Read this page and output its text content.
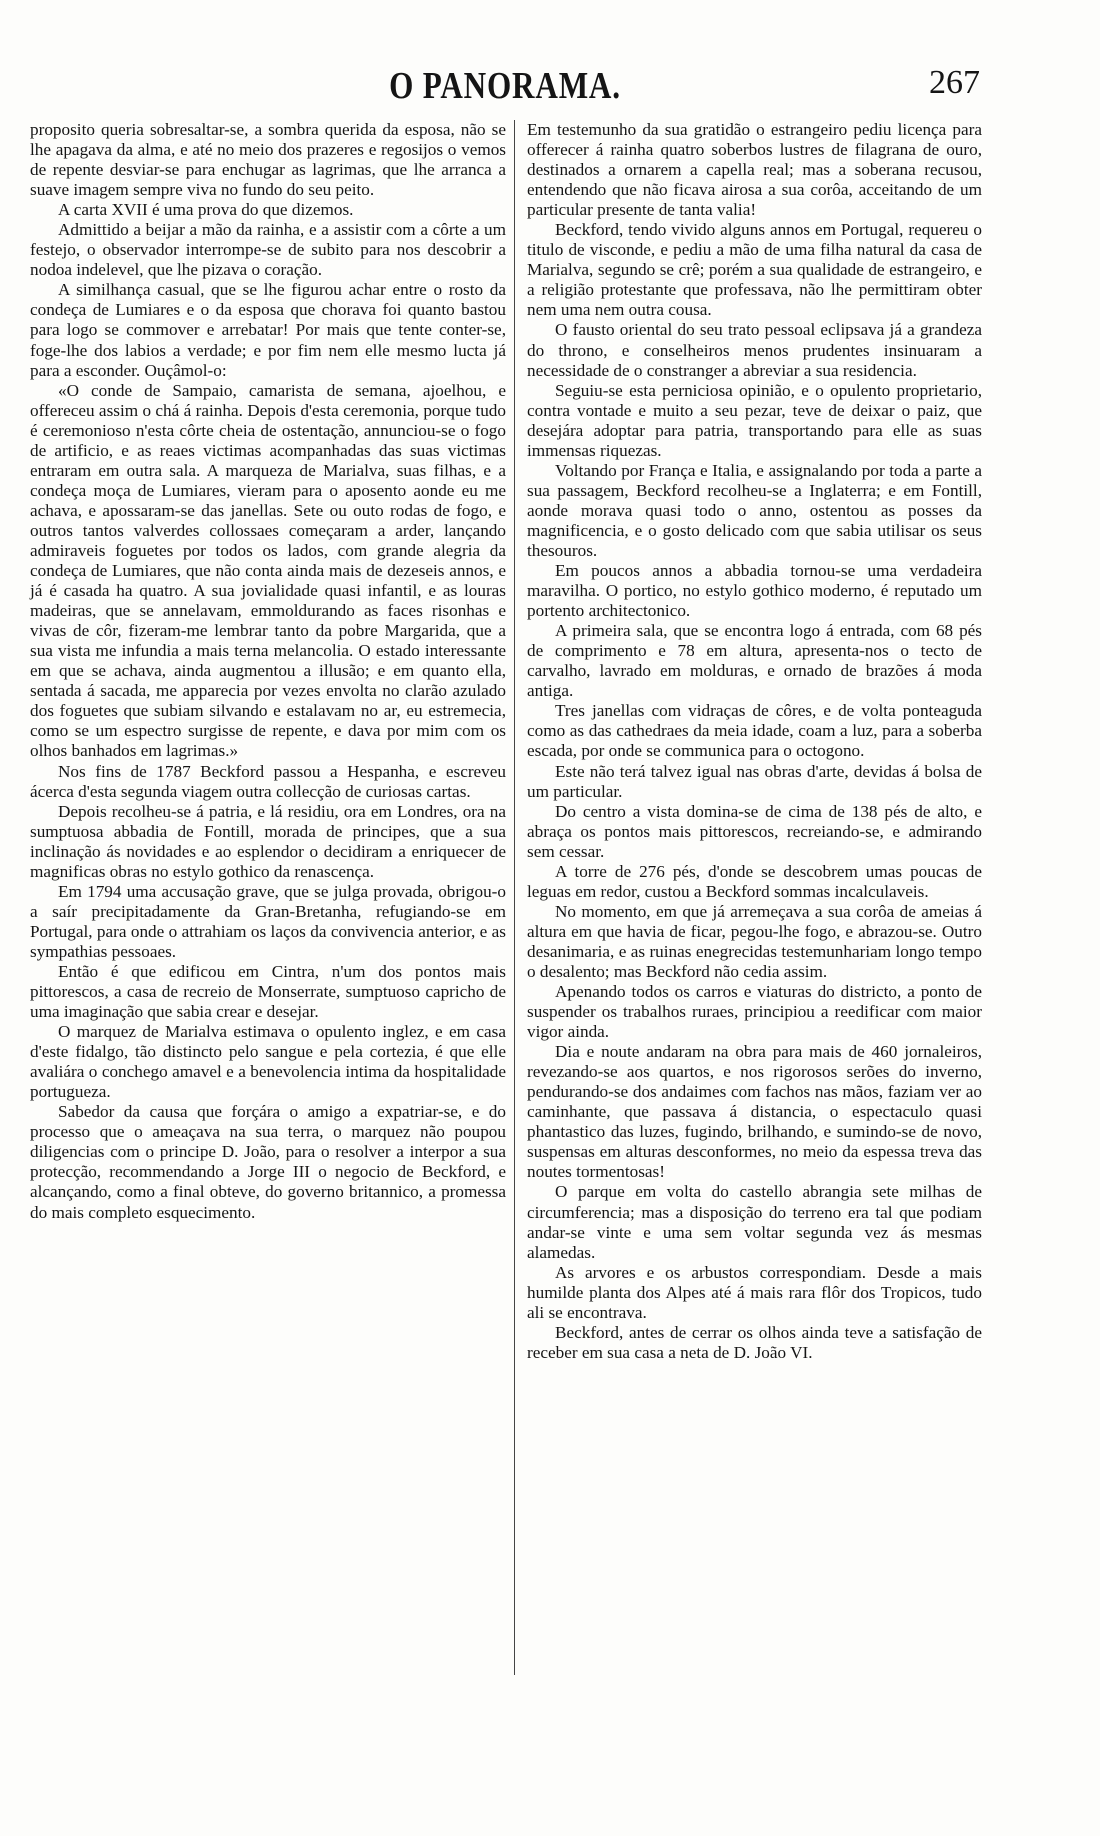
O PANORAMA.	267

proposito queria sobresaltar-se, a sombra querida da esposa, não se lhe apagava da alma, e até no meio dos prazeres e regosijos o vemos de repente desviar-se para enchugar as lagrimas, que lhe arranca a suave imagem sempre viva no fundo do seu peito.

A carta XVII é uma prova do que dizemos.

Admittido a beijar a mão da rainha, e a assistir com a côrte a um festejo, o observador interrompe-se de subito para nos descobrir a nodoa indelevel, que lhe pizava o coração.

A similhança casual, que se lhe figurou achar entre o rosto da condeça de Lumiares e o da esposa que chorava foi quanto bastou para logo se commover e arrebatar! Por mais que tente conter-se, foge-lhe dos labios a verdade; e por fim nem elle mesmo lucta já para a esconder. Ouçâmol-o:

«O conde de Sampaio, camarista de semana, ajoelhou, e offereceu assim o chá á rainha. Depois d'esta ceremonia, porque tudo é ceremonioso n'esta côrte cheia de ostentação, annunciou-se o fogo de artificio, e as reaes victimas acompanhadas das suas victimas entraram em outra sala. A marqueza de Marialva, suas filhas, e a condeça moça de Lumiares, vieram para o aposento aonde eu me achava, e apossaram-se das janellas. Sete ou outo rodas de fogo, e outros tantos valverdes collossaes começaram a arder, lançando admiraveis foguetes por todos os lados, com grande alegria da condeça de Lumiares, que não conta ainda mais de dezeseis annos, e já é casada ha quatro. A sua jovialidade quasi infantil, e as louras madeiras, que se annelavam, emmoldurando as faces risonhas e vivas de côr, fizeram-me lembrar tanto da pobre Margarida, que a sua vista me infundia a mais terna melancolia. O estado interessante em que se achava, ainda augmentou a illusão; e em quanto ella, sentada á sacada, me apparecia por vezes envolta no clarão azulado dos foguetes que subiam silvando e estalavam no ar, eu estremecia, como se um espectro surgisse de repente, e dava por mim com os olhos banhados em lagrimas.»

Nos fins de 1787 Beckford passou a Hespanha, e escreveu ácerca d'esta segunda viagem outra collecção de curiosas cartas.

Depois recolheu-se á patria, e lá residiu, ora em Londres, ora na sumptuosa abbadia de Fontill, morada de principes, que a sua inclinação ás novidades e ao esplendor o decidiram a enriquecer de magnificas obras no estylo gothico da renascença.

Em 1794 uma accusação grave, que se julga provada, obrigou-o a saír precipitadamente da Gran-Bretanha, refugiando-se em Portugal, para onde o attrahiam os laços da convivencia anterior, e as sympathias pessoaes.

Então é que edificou em Cintra, n'um dos pontos mais pittorescos, a casa de recreio de Monserrate, sumptuoso capricho de uma imaginação que sabia crear e desejar.

O marquez de Marialva estimava o opulento inglez, e em casa d'este fidalgo, tão distincto pelo sangue e pela cortezia, é que elle avaliára o conchego amavel e a benevolencia intima da hospitalidade portugueza.

Sabedor da causa que forçára o amigo a expatriar-se, e do processo que o ameaçava na sua terra, o marquez não poupou diligencias com o principe D. João, para o resolver a interpor a sua protecção, recommendando a Jorge III o negocio de Beckford, e alcançando, como a final obteve, do governo britannico, a promessa do mais completo esquecimento.

Em testemunho da sua gratidão o estrangeiro pediu licença para offerecer á rainha quatro soberbos lustres de filagrana de ouro, destinados a ornarem a capella real; mas a soberana recusou, entendendo que não ficava airosa a sua corôa, acceitando de um particular presente de tanta valia!

Beckford, tendo vivido alguns annos em Portugal, requereu o titulo de visconde, e pediu a mão de uma filha natural da casa de Marialva, segundo se crê; porém a sua qualidade de estrangeiro, e a religião protestante que professava, não lhe permittiram obter nem uma nem outra cousa.

O fausto oriental do seu trato pessoal eclipsava já a grandeza do throno, e conselheiros menos prudentes insinuaram a necessidade de o constranger a abreviar a sua residencia.

Seguiu-se esta perniciosa opinião, e o opulento proprietario, contra vontade e muito a seu pezar, teve de deixar o paiz, que desejára adoptar para patria, transportando para elle as suas immensas riquezas.

Voltando por França e Italia, e assignalando por toda a parte a sua passagem, Beckford recolheu-se a Inglaterra; e em Fontill, aonde morava quasi todo o anno, ostentou as posses da magnificencia, e o gosto delicado com que sabia utilisar os seus thesouros.

Em poucos annos a abbadia tornou-se uma verdadeira maravilha. O portico, no estylo gothico moderno, é reputado um portento architectonico.

A primeira sala, que se encontra logo á entrada, com 68 pés de comprimento e 78 em altura, apresenta-nos o tecto de carvalho, lavrado em molduras, e ornado de brazões á moda antiga.

Tres janellas com vidraças de côres, e de volta ponteaguda como as das cathedraes da meia idade, coam a luz, para a soberba escada, por onde se communica para o octogono.

Este não terá talvez igual nas obras d'arte, devidas á bolsa de um particular.

Do centro a vista domina-se de cima de 138 pés de alto, e abraça os pontos mais pittorescos, recreiando-se, e admirando sem cessar.

A torre de 276 pés, d'onde se descobrem umas poucas de leguas em redor, custou a Beckford sommas incalculaveis.

No momento, em que já arremeçava a sua corôa de ameias á altura em que havia de ficar, pegou-lhe fogo, e abrazou-se. Outro desanimaria, e as ruinas enegrecidas testemunhariam longo tempo o desalento; mas Beckford não cedia assim.

Apenando todos os carros e viaturas do districto, a ponto de suspender os trabalhos ruraes, principiou a reedificar com maior vigor ainda.

Dia e noute andaram na obra para mais de 460 jornaleiros, revezando-se aos quartos, e nos rigorosos serões do inverno, pendurando-se dos andaimes com fachos nas mãos, faziam ver ao caminhante, que passava á distancia, o espectaculo quasi phantastico das luzes, fugindo, brilhando, e sumindo-se de novo, suspensas em alturas desconformes, no meio da espessa treva das noutes tormentosas!

O parque em volta do castello abrangia sete milhas de circumferencia; mas a disposição do terreno era tal que podiam andar-se vinte e uma sem voltar segunda vez ás mesmas alamedas.

As arvores e os arbustos correspondiam. Desde a mais humilde planta dos Alpes até á mais rara flôr dos Tropicos, tudo ali se encontrava.

Beckford, antes de cerrar os olhos ainda teve a satisfação de receber em sua casa a neta de D. João VI.
